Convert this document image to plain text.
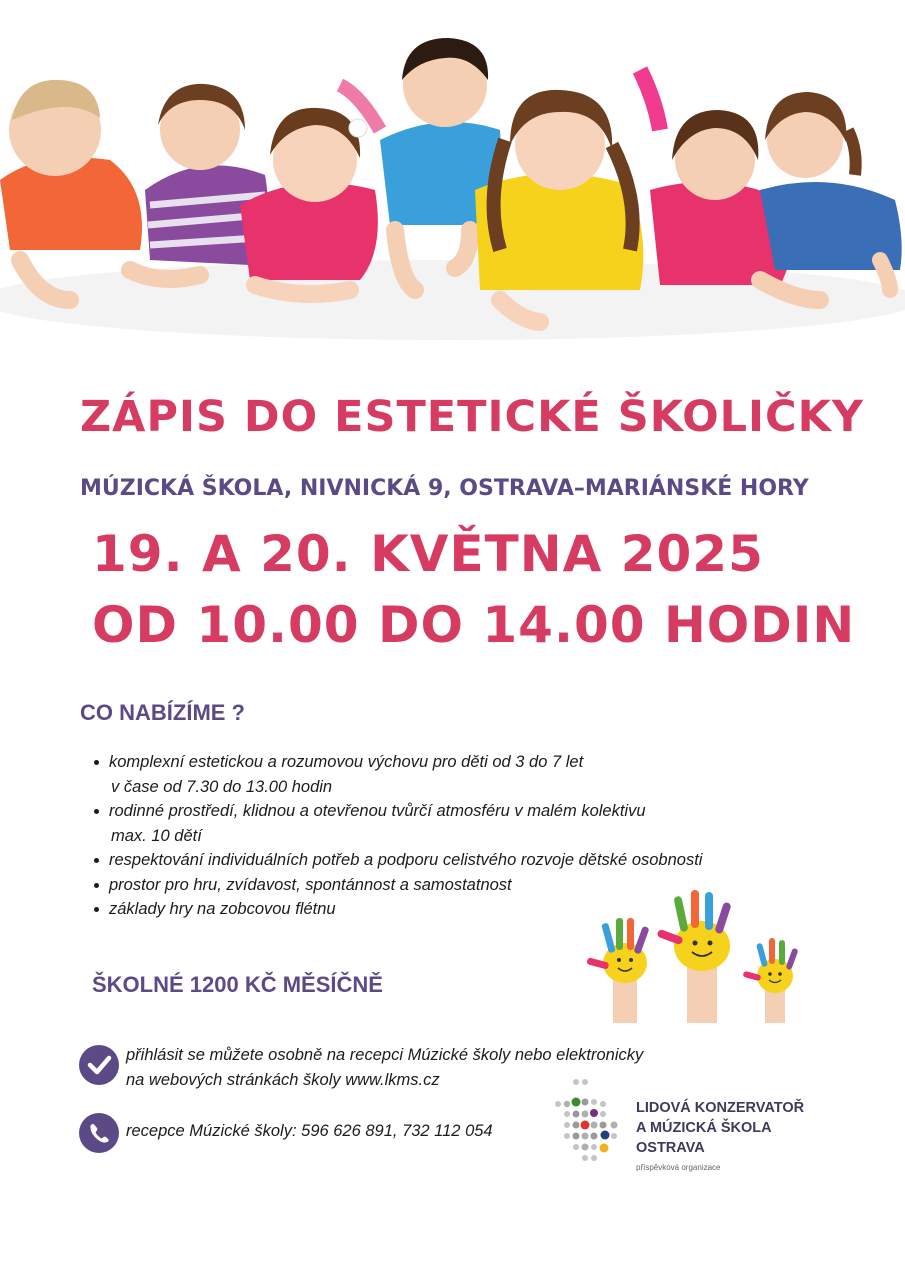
ZÁPIS DO ESTETICKÉ ŠKOLIČKY
MÚZICKÁ ŠKOLA, NIVNICKÁ 9, OSTRAVA–MARIÁNSKÉ HORY

19. A 20. KVĚTNA 2025

OD 10.00 DO 14.00 HODIN

CO NABÍZÍME ?
komplexní estetickou a rozumovou výchovu pro děti od 3 do 7 let
v čase od 7.30 do 13.00 hodin
rodinné prostředí, klidnou a otevřenou tvůrčí atmosféru v malém kolektivu
max. 10 dětí
respektování individuálních potřeb a podporu celistvého rozvoje dětské osobnosti
prostor pro hru, zvídavost, spontánnost a samostatnost
základy hry na zobcovou flétnu

ŠKOLNÉ 1200 KČ MĚSÍČNĚ

přihlásit se můžete osobně na recepci Múzické školy nebo elektronicky
na webových stránkách školy www.lkms.cz

recepce Múzické školy: 596 626 891, 732 112 054

LIDOVÁ KONZERVATOŘ
A MÚZICKÁ ŠKOLA
OSTRAVA

příspěvková organizace
